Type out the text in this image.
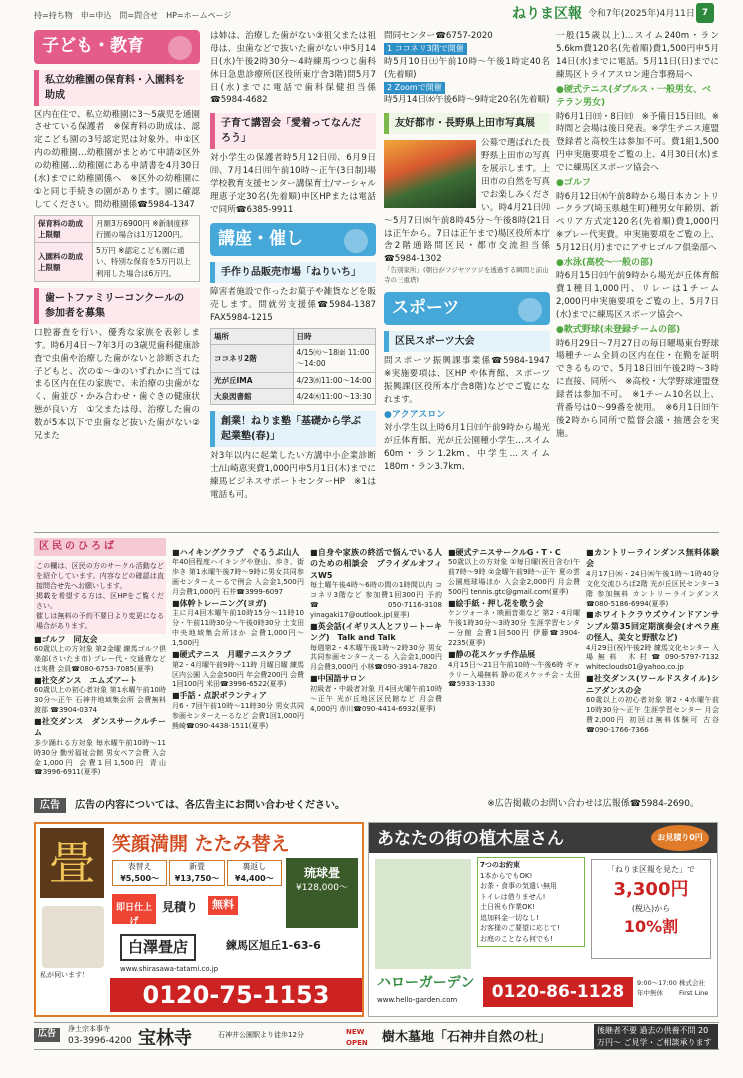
持=持ち物　申=申込　問=問合せ　HP=ホームページ	ねりま区報 令和7年(2025年)4月11日 7
子ども・教育
私立幼稚園の保育料・入園料を助成
区内在住で、私立幼稚園に3～5歳児を通園させている保護者　※保育料の助成は、認定こども園の3号認定児は対象外。申①区内の幼稚園…幼稚園がまとめて申請②区外の幼稚園…幼稚園にある申請書を4月30日(水)までに幼稚園係へ　※区外の幼稚園に①と同じ手続きの園があります。園に確認してください。問幼稚園係☎5984-1347
保育料の助成上限額	月額3万6900円 ※新制度移行園の場合は1万1200円。
入園料の助成上限額	5万円 ※認定こども園に通い、特別な保育を5万円以上利用した場合は6万円。
歯ートファミリーコンクールの参加者を募集
口腔審査を行い、優秀な家族を表彰します。時6月4日～7年3月の3歳児歯科健康診査で虫歯や治療した歯がないと診断された子どもと、次の①～③のいずれかに当てはまる区内在住の家族で、未治療の虫歯がなく、歯並び・かみ合わせ・歯ぐきの健康状態が良い方　①父または母、治療した歯の数が5本以下で虫歯など抜いた歯がない②兄また
は姉は、治療した歯がない③祖父または祖母は、虫歯などで抜いた歯がない申5月14日(水)午後2時30分～4時練馬つつじ歯科休日急患診療所(区役所東庁舎3階)問5月7日(水)までに電話で歯科保健担当係☎5984-4682
子育て講習会「愛着ってなんだろう」
対小学生の保護者時5月12日㈪、6月9日㈪、7月14日㈪午前10時～正午(3日制)場学校教育支援センター講保育士/マーシャル理恵子定30名(先着順)申区HPまたは電話で同所☎6385-9911
講座・催し
手作り品販売市場「ねりいち」
障害者施設で作ったお菓子や雑貨などを販売します。問就労支援係☎5984-1387 FAX5984-1215
場所	日時
ココネリ2階	4/15㈫～18㈮ 11:00～14:00
光が丘IMA	4/23㈬11:00～14:00
大泉図書館	4/24㈭11:00～13:30
創業！ねりま塾「基礎から学ぶ起業塾(春)」
対3年以内に起業したい方講中小企業診断士/山崎恵実費1,000円申5月1日(木)までに練馬ビジネスサポートセンターHP　※1は電話も可。
問同センター☎6757-2020
1 ココネリ3階で開催
時5月10日㈯午前10時～午後1時定40名(先着順)
2 Zoomで開催
時5月14日㈬午後6時～9時定20名(先着順)
友好都市・長野県上田市写真展
公募で選ばれた長野県上田市の写真を展示します。上田市の自然を写真でお楽しみください。時4月21日㈪～5月7日㈬午前8時45分～午後8時(21日は正午から。7日は正午まで)場区役所本庁舎2階通路問区民・都市交流担当係☎5984-1302
「告別家所」(朝日がフジヤツツジを透過する瞬間と前山寺の三重塔)
スポーツ
区民スポーツ大会
問スポーツ振興課事業係☎5984-1947　※実施要項は、区HP や体育館、スポーツ振興課(区役所本庁舎8階)などでご覧になれます。
●アクアスロン
対小学生以上時6月1日㈰午前9時から場光が丘体育館、光が丘公園種小学生…スイム60m・ラン1.2km、中学生…スイム180m・ラン3.7km、
一般(15歳以上)…スイム240m・ラン5.6km費120名(先着順)費1,500円申5月14日(水)までに電話。5月11日(日)までに練馬区トライアスロン連合事務局へ
●硬式テニス(ダブルス・一般男女、ベテラン男女)
時6月1日㈰・8日㈰　※予備日15日㈰。※時間と会場は後日発表。※学生テニス連盟登録者と高校生は参加不可。費1組1,500円申実施要項をご覧の上、4月30日(水)までに練馬区スポーツ協会へ
●ゴルフ
時6月12日㈭午前8時から場日本カントリークラブ(埼玉県越生町)種男女年齢別、新ペリア方式定120名(先着順)費1,000円　※プレー代実費。申実施要項をご覧の上、5月12日(月)までにアサヒゴルフ倶楽部へ
●水泳(高校～一般の部)
時6月15日㈰午前9時から場光が丘体育館費1種目1,000円、リレーは1チーム2,000円申実施要項をご覧の上、5月7日(水)までに練馬区スポーツ協会へ
●軟式野球(未登録チームの部)
時6月29日～7月27日の毎日曜場東台野球場種チーム全員の区内在住・在勤を証明できるもので、5月18日㈰午後2時～3時に直接、同所へ　※高校・大学野球連盟登録者は参加不可。　※1チーム10名以上、背番号は0～99番を使用。　※6月1日㈰午後2時から同所で監督会議・抽選会を実施。
区民のひろば
この欄は、区民の方のサークル活動などを紹介しています。内容などの確認は直接問合せ先へお願いします。
掲載を希望する方は、区HPをご覧ください。
催しは無料の予約不要日より変更になる場合があります。
■ゴルフ　同友会
60歳以上の方対象 第2金曜 練馬ゴルフ倶楽部(さいたま市) プレー代・交通費などは実費 会員☎080-6753-7085(夏季)
■社交ダンス　エムズアート
60歳以上の初心者対象 第1水曜午前10時30分～正午 石神井地域集会所 会費無料 渡部 ☎3904-0374
■社交ダンス　ダンスサークルチーム
多少踊れる方対象 毎水曜午前10時～11時30分 勤労福祉会館 男女ペア会費 入会金1,000円 会費1回1,500円 青山☎3996-6911(夏季)
■ハイキングクラブ　ぐるうぷ山人
年40回程度ハイキングや登山、歩き、街歩き 第1水曜午後7時～9時に男女共同参画センターえーるで例会 入会金1,500円 月会費1,000円 石井☎3999-6097
■体幹トレーニング(ヨガ)
主に月4回木曜午前10時15分～11時10分・午前11時30分～午後0時30分 土支田中央地域集会所ほか 会費1,000円～1,500円
■硬式テニス　月曜テニスクラブ
第2・4月曜午前9時～11時 月曜日曜 練馬区内公園 入会金500円 年会費200円 会費1回100円 米田☎3996-6522(夏季)
■手話・点訳ボランティア
月6・7回午前10時～11時30分 男女共同参画センターえーるなど 会費1回1,000円 熊崎☎090-4438-1511(夏季)
■自身や家族の終活で悩んでいる人のための相談会　プライダルオフィスW5
毎土曜午後4時～6時の間の1時間以内 ココネリ3階など 参加費1回300円 予約☎050-7116-3108 yinagaki17@outlook.jp(夏季)
■英会話(イギリス人とフリートーキング)　Talk and Talk
毎週第2・4木曜午後1時～2時30分 男女共同参画センターえーる 入会金1,000円 月会費3,000円 小林☎090-3914-7820
■中国語サロン
初級者・中級者対象 月4回火曜午前10時～正午 光が丘地区区民館など 月会費4,000円 赤川☎090-4414-6932(夏季)
■硬式テニスサークルG・T・C
50歳以上の方対象 ①毎日曜(祝日含む)午前7時～9時 ②金曜午前9時～正午 夏の雲公園庭球場ほか 入会金2,000円 月会費500円 tennis.gtc@gmail.com(夏季)
■絵手紙・押し花を歌う会
ケンツォーネ・映画音楽など 第2・4月曜午後1時30分～3時30分 生涯学習センター分館 会費1回500円 伊藤☎3904-2235(夏季)
■静の花スケッチ作品展
4月15日～21日午前10時～午後6時 ギャラリー入場無料 静の花スケッチ会・太田☎5933-1330
■カントリーラインダンス無料体験会
4月17日㈭・24日㈭午後1時～1時40分 文化交流ひろば2階 光が丘区民センター3階 参加無料 カントリーラインダンス☎080-5186-6994(夏季)
■ホワイトクラウズウインドアンサンブル第35回定期演奏会(オペラ座の怪人、美女と野獣など)
4月29日(祝)午後2時 練馬文化センター 入場無料 木村☎090-5797-7132 whiteclouds01@yahoo.co.jp
■社交ダンス(ワールドスタイル)シニアダンスの会
60歳以上の初心者対象 第2・4水曜午前10時30分～正午 生涯学習センター 月会費2,000円 初回は無料体験可 古谷☎090-1766-7366
広告 広告の内容については、各広告主にお問い合わせください。	※広告掲載のお問い合わせは広報係☎5984-2690。
畳 笑顔満開 たたみ替え
表替え
¥5,500〜
新畳
¥13,750〜
裏返し
¥4,400〜
即日仕上げ
見積り	無料
琉球畳
¥128,000〜
私が伺います！
白澤畳店	練馬区旭丘1-63-6
www.shirasawa-tatami.co.jp
0120-75-1153
あなたの街の植木屋さん	お見積り0円
7つのお約束
1本からでもOK!
お茶・食事の気遣い無用
トイレは借りません!
土日祝も作業OK!
追加料金一切なし!
お客様のご要望に応じて!
お庭のことなら何でも!
「ねりま区報を見た」で
3,300円
(税込)から
10%割
ハローガーデン
www.hello-garden.com	0120-86-1128	9:00〜17:00 年中無休
株式会社 First Line
広告	浄土宗本事寺
03-3996-4200 宝林寺	石神井公園駅より徒歩12分	NEW OPEN	樹木墓地「石神井自然の杜」	後継者不要 過去の供養不問 20万円〜 ご見学・ご相談承ります
